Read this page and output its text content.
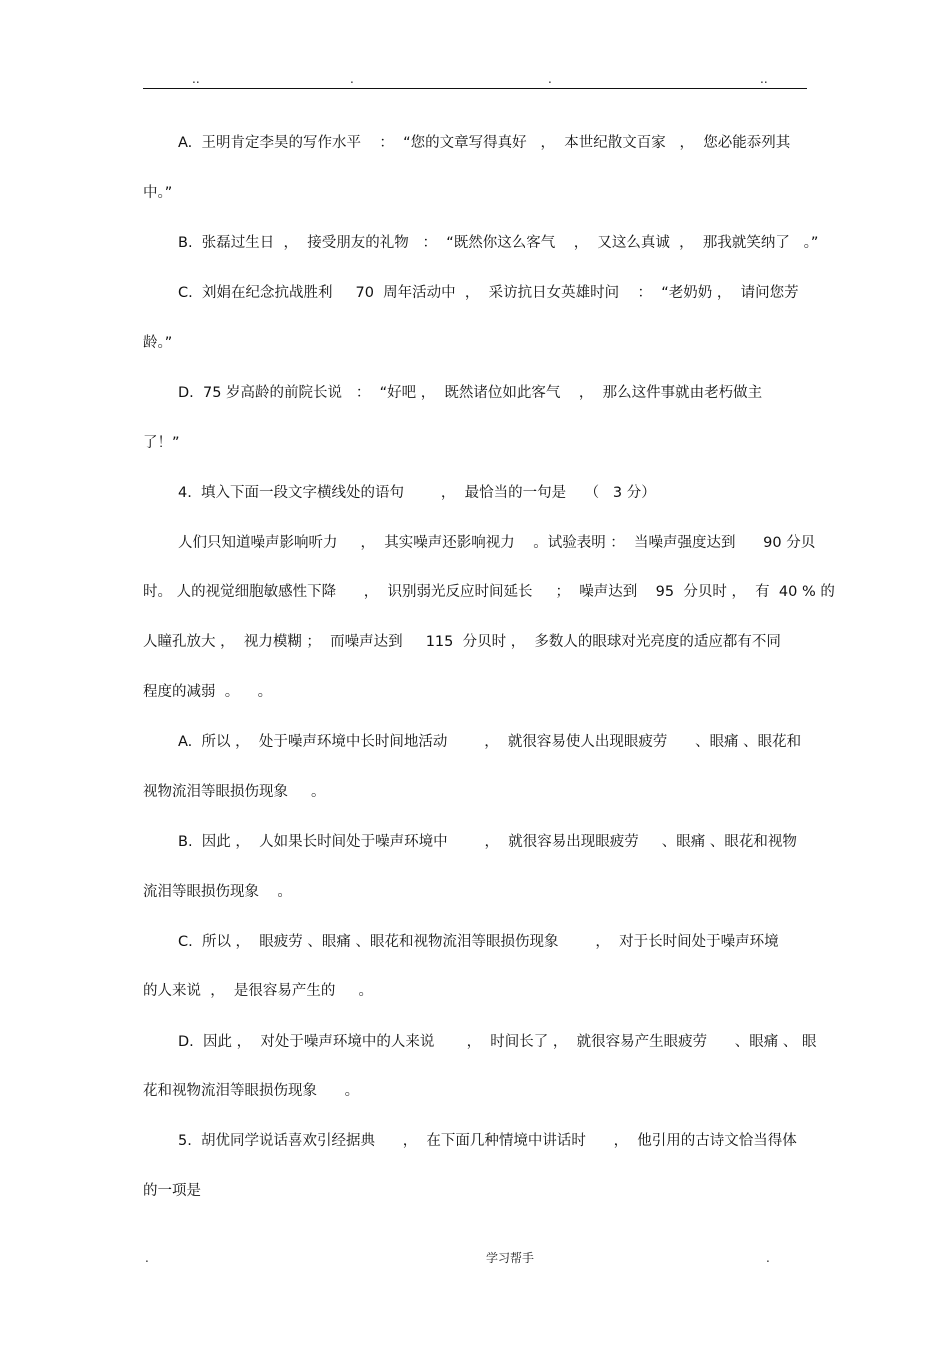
..	.	.	..
A.  王明肯定李昊的写作水平    ：  “您的文章写得真好   ，  本世纪散文百家   ，  您必能忝列其
中。”
B.  张磊过生日  ，  接受朋友的礼物   ：  “既然你这么客气    ，  又这么真诚  ，  那我就笑纳了   。”
C.  刘娟在纪念抗战胜利     70  周年活动中  ，  采访抗日女英雄时问    ：  “老奶奶 ，  请问您芳
龄。”
D.  75 岁高龄的前院长说   ：  “好吧 ，  既然诸位如此客气    ，  那么这件事就由老朽做主
了！”
4.  填入下面一段文字横线处的语句        ，  最恰当的一句是    （   3 分）
人们只知道噪声影响听力     ，  其实噪声还影响视力    。试验表明 ：  当噪声强度达到      90 分贝
时。 人的视觉细胞敏感性下降      ，  识别弱光反应时间延长     ；  噪声达到    95  分贝时 ，  有  40 % 的
人瞳孔放大 ，  视力模糊 ；  而噪声达到     115  分贝时 ，  多数人的眼球对光亮度的适应都有不同
程度的减弱  。    。
A.  所以 ，  处于噪声环境中长时间地活动        ，  就很容易使人出现眼疲劳      、眼痛 、眼花和
视物流泪等眼损伤现象     。
B.  因此 ，  人如果长时间处于噪声环境中        ，  就很容易出现眼疲劳     、眼痛 、眼花和视物
流泪等眼损伤现象    。
C.  所以 ，  眼疲劳 、眼痛 、眼花和视物流泪等眼损伤现象        ，  对于长时间处于噪声环境
的人来说  ，  是很容易产生的     。
D.  因此 ，  对处于噪声环境中的人来说       ，  时间长了 ，  就很容易产生眼疲劳      、眼痛 、 眼
花和视物流泪等眼损伤现象      。
5.  胡优同学说话喜欢引经据典      ，  在下面几种情境中讲话时      ，  他引用的古诗文恰当得体
的一项是
.	学习帮手	.
